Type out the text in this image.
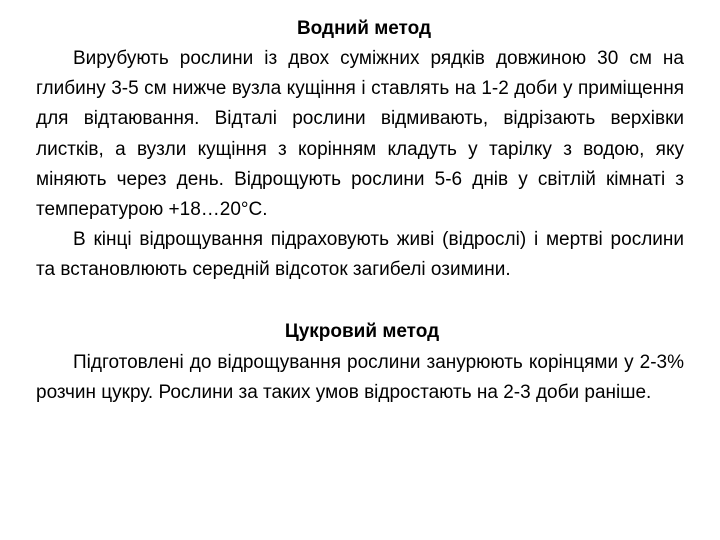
Водний метод

Вирубують рослини із двох суміжних рядків довжиною 30 см на глибину 3-5 см нижче вузла кущіння і ставлять на 1-2 доби у приміщення для відтаювання. Відталі рослини відмивають, відрізають верхівки листків, а вузли кущіння з корінням кладуть у тарілку з водою, яку міняють через день. Відрощують рослини 5-6 днів у світлій кімнаті з температурою +18…20°С.

В кінці відрощування підраховують живі (відрослі) і мертві рослини та встановлюють середній відсоток загибелі озимини.

Цукровий метод

Підготовлені до відрощування рослини занурюють корінцями у 2-3% розчин цукру. Рослини за таких умов відростають на 2-3 доби раніше.
